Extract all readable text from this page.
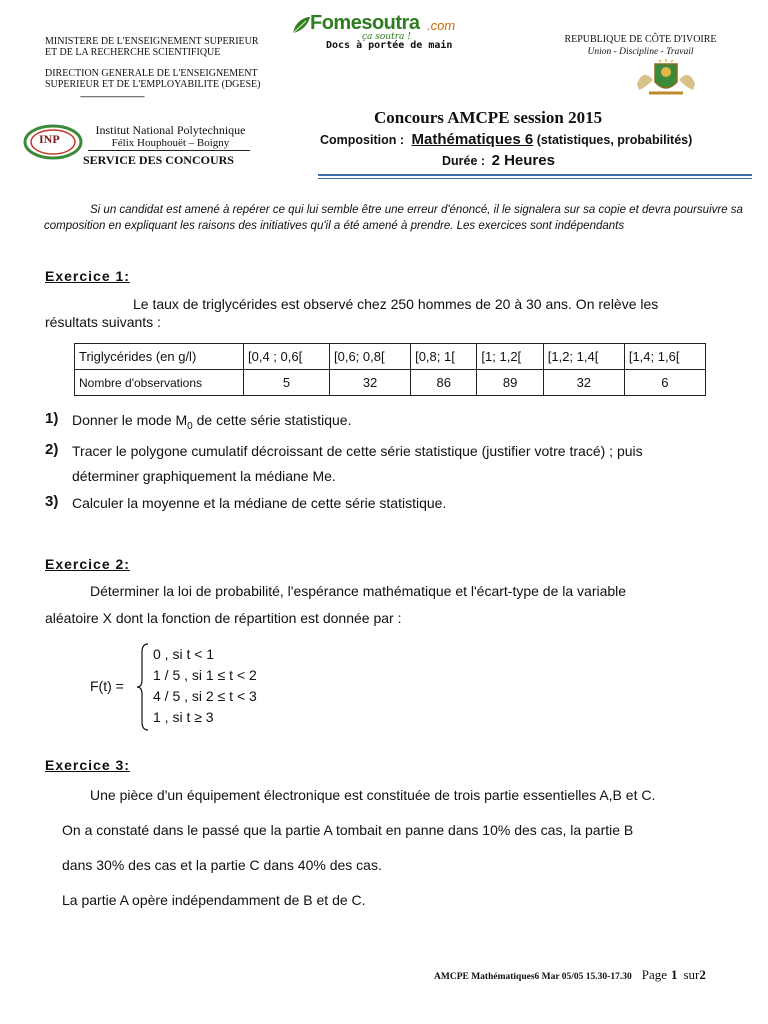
MINISTERE DE L'ENSEIGNEMENT SUPERIEUR
ET DE LA RECHERCHE SCIENTIFIQUE
DIRECTION GENERALE DE L'ENSEIGNEMENT
SUPERIEUR ET DE L'EMPLOYABILITE (DGESE)
--------------------------------
Fomesoutra .com
ça soutra !
Docs à portée de main
REPUBLIQUE DE CÔTE D'IVOIRE
Union - Discipline - Travail
INP
Institut National Polytechnique
Félix Houphouët – Boigny
SERVICE DES CONCOURS
Concours AMCPE session 2015
Composition : Mathématiques 6 (statistiques, probabilités)
Durée : 2 Heures
Si un candidat est amené à repérer ce qui lui semble être une erreur d'énoncé, il le signalera sur sa copie et devra poursuivre sa composition en expliquant les raisons des initiatives qu'il a été amené à prendre. Les exercices sont indépendants
Exercice 1:
Le taux de triglycérides est observé chez 250 hommes de 20 à 30 ans. On relève les
résultats suivants :
Triglycérides (en g/l)	[0,4 ; 0,6[	[0,6; 0,8[	[0,8; 1[	[1; 1,2[	[1,2; 1,4[	[1,4; 1,6[
Nombre d'observations	5	32	86	89	32	6
1) Donner le mode $M_0$ de cette série statistique.
2) Tracer le polygone cumulatif décroissant de cette série statistique (justifier votre tracé) ; puis
déterminer graphiquement la médiane Me.
3) Calculer la moyenne et la médiane de cette série statistique.
Exercice 2:
Déterminer la loi de probabilité, l'espérance mathématique et l'écart-type de la variable
aléatoire X dont la fonction de répartition est donnée par :
F(t) =
0 , si t < 1
1 / 5 , si 1 ≤ t < 2
4 / 5 , si 2 ≤ t < 3
1 , si t ≥ 3
Exercice 3:
Une pièce d'un équipement électronique est constituée de trois partie essentielles A,B et C.
On a constaté dans le passé que la partie A tombait en panne dans 10% des cas, la partie B
dans 30% des cas et la partie C dans 40% des cas.
La partie A opère indépendamment de B et de C.
AMCPE Mathématiques6 Mar 05/05 15.30-17.30 Page 1 sur2
